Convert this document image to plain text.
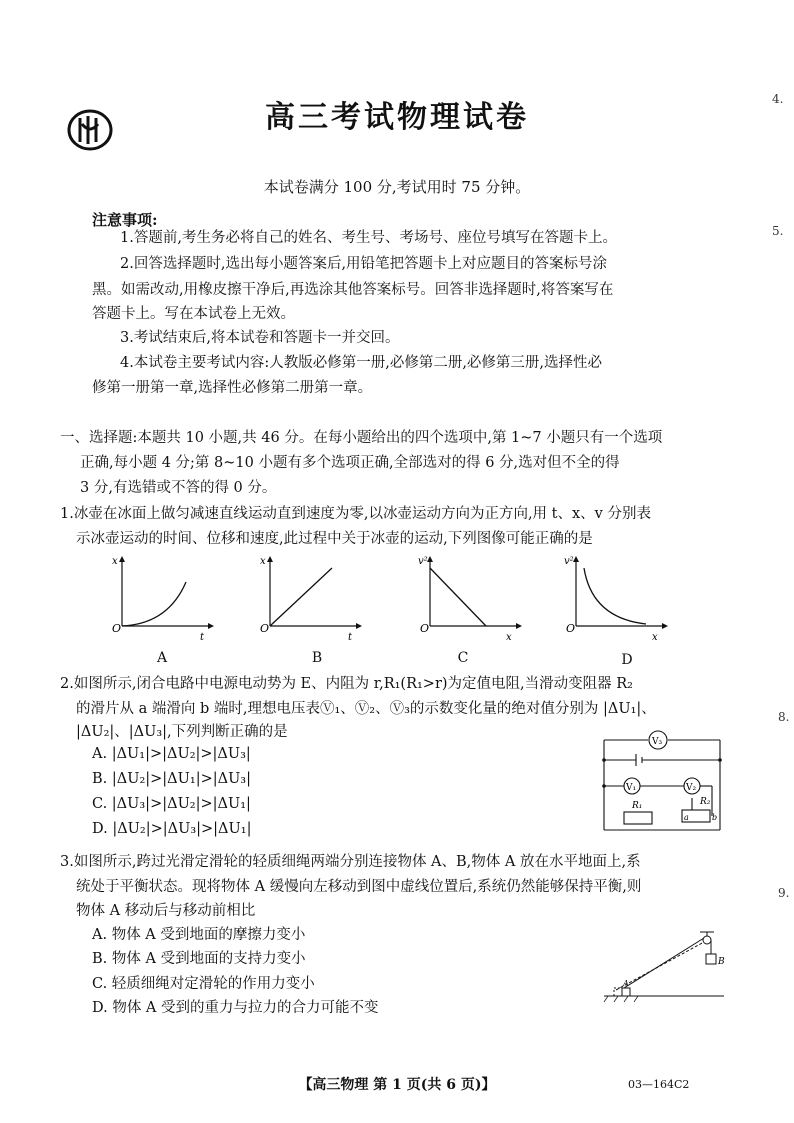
高三考试物理试卷
本试卷满分 100 分,考试用时 75 分钟。
注意事项:
1.答题前,考生务必将自己的姓名、考生号、考场号、座位号填写在答题卡上。
2.回答选择题时,选出每小题答案后,用铅笔把答题卡上对应题目的答案标号涂
黑。如需改动,用橡皮擦干净后,再选涂其他答案标号。回答非选择题时,将答案写在
答题卡上。写在本试卷上无效。
3.考试结束后,将本试卷和答题卡一并交回。
4.本试卷主要考试内容:人教版必修第一册,必修第二册,必修第三册,选择性必
修第一册第一章,选择性必修第二册第一章。
一、选择题:本题共 10 小题,共 46 分。在每小题给出的四个选项中,第 1~7 小题只有一个选项
正确,每小题 4 分;第 8~10 小题有多个选项正确,全部选对的得 6 分,选对但不全的得
3 分,有选错或不答的得 0 分。
1.冰壶在冰面上做匀减速直线运动直到速度为零,以冰壶运动方向为正方向,用 t、x、v 分别表
示冰壶运动的时间、位移和速度,此过程中关于冰壶的运动,下列图像可能正确的是
O
x
t
A
O
x
t
B
O
v²
x
C
O
v²
x
D
2.如图所示,闭合电路中电源电动势为 E、内阻为 r,R₁(R₁>r)为定值电阻,当滑动变阻器 R₂
的滑片从 a 端滑向 b 端时,理想电压表Ⓥ₁、Ⓥ₂、Ⓥ₃的示数变化量的绝对值分别为 |ΔU₁|、
|ΔU₂|、|ΔU₃|,下列判断正确的是
A. |ΔU₁|>|ΔU₂|>|ΔU₃|
B. |ΔU₂|>|ΔU₁|>|ΔU₃|
C. |ΔU₃|>|ΔU₂|>|ΔU₁|
D. |ΔU₂|>|ΔU₃|>|ΔU₁|
V₃
V₁	V₂
R₁	R₂
a	b
3.如图所示,跨过光滑定滑轮的轻质细绳两端分别连接物体 A、B,物体 A 放在水平地面上,系
统处于平衡状态。现将物体 A 缓慢向左移动到图中虚线位置后,系统仍然能够保持平衡,则
物体 A 移动后与移动前相比
A. 物体 A 受到地面的摩擦力变小
B. 物体 A 受到地面的支持力变小
C. 轻质细绳对定滑轮的作用力变小
D. 物体 A 受到的重力与拉力的合力可能不变
A
B
4.
5.
8.
9.
【高三物理 第 1 页(共 6 页)】	03—164C2
